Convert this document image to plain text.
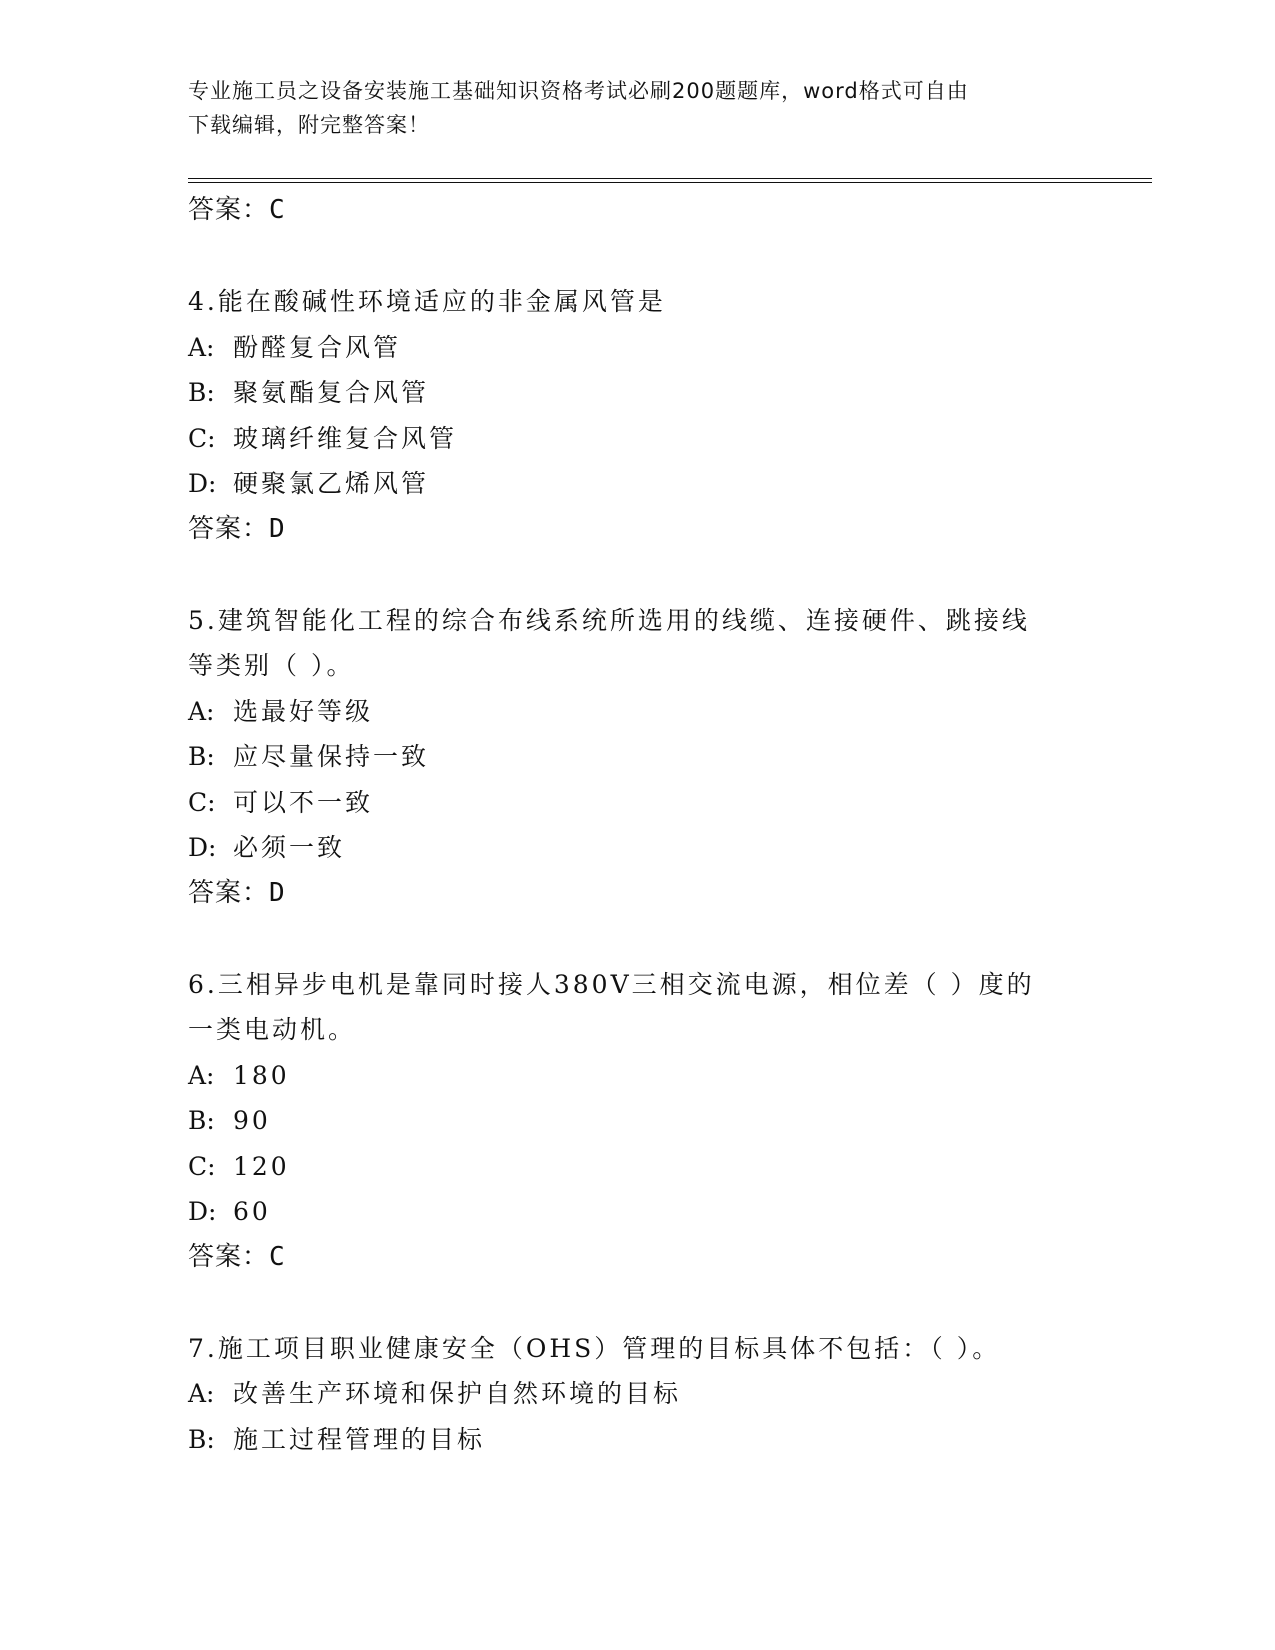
专业施工员之设备安装施工基础知识资格考试必刷200题题库，word格式可自由
下载编辑，附完整答案！
答案：C
4.能在酸碱性环境适应的非金属风管是
A: 酚醛复合风管
B: 聚氨酯复合风管
C: 玻璃纤维复合风管
D: 硬聚氯乙烯风管
答案：D
5.建筑智能化工程的综合布线系统所选用的线缆、连接硬件、跳接线
等类别（ ）。
A: 选最好等级
B: 应尽量保持一致
C: 可以不一致
D: 必须一致
答案：D
6.三相异步电机是靠同时接人380V三相交流电源，相位差（ ）度的
一类电动机。
A: 180
B: 90
C: 120
D: 60
答案：C
7.施工项目职业健康安全（OHS）管理的目标具体不包括：（ ）。
A: 改善生产环境和保护自然环境的目标
B: 施工过程管理的目标
